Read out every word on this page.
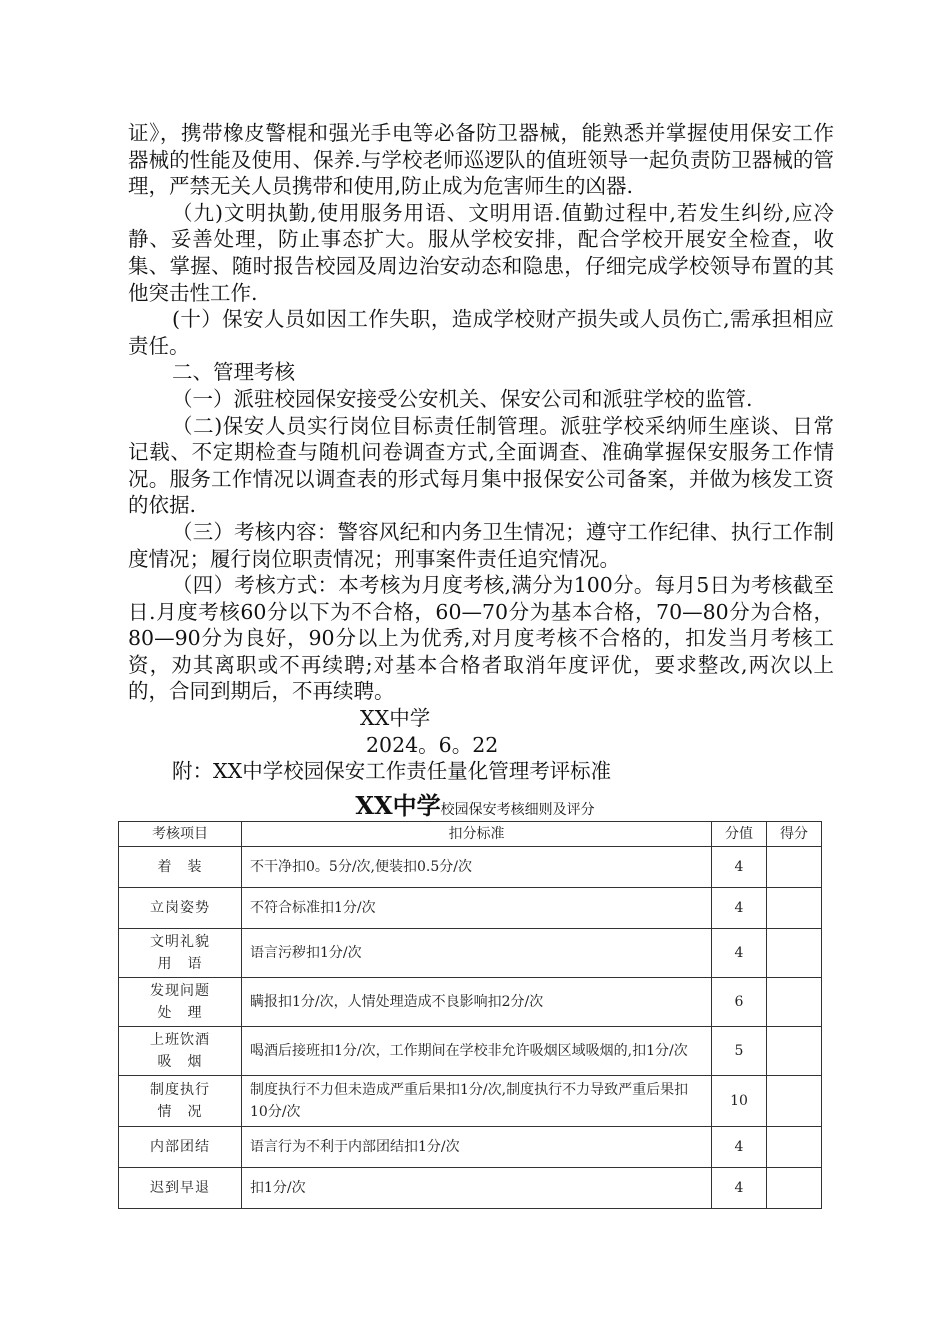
证》，携带橡皮警棍和强光手电等必备防卫器械，能熟悉并掌握使用保安工作器械的性能及使用、保养.与学校老师巡逻队的值班领导一起负责防卫器械的管理，严禁无关人员携带和使用,防止成为危害师生的凶器.

（九)文明执勤,使用服务用语、文明用语.值勤过程中,若发生纠纷,应冷静、妥善处理，防止事态扩大。服从学校安排，配合学校开展安全检查，收集、掌握、随时报告校园及周边治安动态和隐患，仔细完成学校领导布置的其他突击性工作.

(十）保安人员如因工作失职，造成学校财产损失或人员伤亡,需承担相应责任。

二、管理考核

（一）派驻校园保安接受公安机关、保安公司和派驻学校的监管.

（二)保安人员实行岗位目标责任制管理。派驻学校采纳师生座谈、日常记载、不定期检查与随机问卷调查方式,全面调查、准确掌握保安服务工作情况。服务工作情况以调查表的形式每月集中报保安公司备案，并做为核发工资的依据.

（三）考核内容：警容风纪和内务卫生情况；遵守工作纪律、执行工作制度情况；履行岗位职责情况；刑事案件责任追究情况。

（四）考核方式：本考核为月度考核,满分为100分。每月5日为考核截至日.月度考核60分以下为不合格，60—70分为基本合格，70—80分为合格，80—90分为良好，90分以上为优秀,对月度考核不合格的，扣发当月考核工资，劝其离职或不再续聘;对基本合格者取消年度评优，要求整改,两次以上的，合同到期后，不再续聘。

XX中学

2024。6。22

附：XX中学校园保安工作责任量化管理考评标准

XX中学校园保安考核细则及评分
考核项目	扣分标准	分值	得分
着　装	不干净扣0。5分/次,便装扣0.5分/次	4	
立岗姿势	不符合标准扣1分/次	4	
文明礼貌
用　语	语言污秽扣1分/次	4	
发现问题
处　理	瞒报扣1分/次，人情处理造成不良影响扣2分/次	6	
上班饮酒
吸　烟	喝酒后接班扣1分/次，工作期间在学校非允许吸烟区域吸烟的,扣1分/次	5	
制度执行
情　况	制度执行不力但未造成严重后果扣1分/次,制度执行不力导致严重后果扣10分/次	10	
内部团结	语言行为不利于内部团结扣1分/次	4	
迟到早退	扣1分/次	4	
